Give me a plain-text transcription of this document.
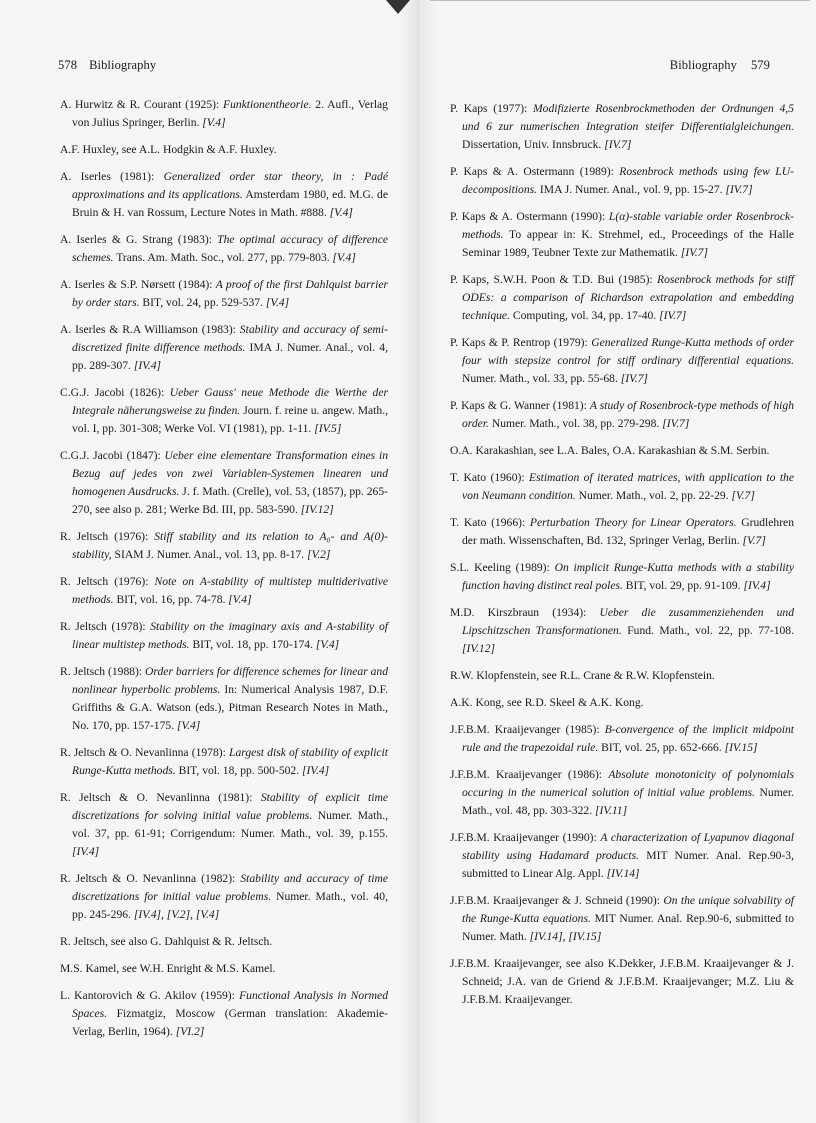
578 Bibliography

A. Hurwitz & R. Courant (1925): Funktionentheorie. 2. Aufl., Verlag von Julius Springer, Berlin. [V.4]

A.F. Huxley, see A.L. Hodgkin & A.F. Huxley.

A. Iserles (1981): Generalized order star theory, in : Padé approximations and its applications. Amsterdam 1980, ed. M.G. de Bruin & H. van Rossum, Lecture Notes in Math. #888. [V.4]

A. Iserles & G. Strang (1983): The optimal accuracy of difference schemes. Trans. Am. Math. Soc., vol. 277, pp. 779-803. [V.4]

A. Iserles & S.P. Nørsett (1984): A proof of the first Dahlquist barrier by order stars. BIT, vol. 24, pp. 529-537. [V.4]

A. Iserles & R.A Williamson (1983): Stability and accuracy of semi-discretized finite difference methods. IMA J. Numer. Anal., vol. 4, pp. 289-307. [IV.4]

C.G.J. Jacobi (1826): Ueber Gauss' neue Methode die Werthe der Integrale näherungsweise zu finden. Journ. f. reine u. angew. Math., vol. I, pp. 301-308; Werke Vol. VI (1981), pp. 1-11. [IV.5]

C.G.J. Jacobi (1847): Ueber eine elementare Transformation eines in Bezug auf jedes von zwei Variablen-Systemen linearen und homogenen Ausdrucks. J. f. Math. (Crelle), vol. 53, (1857), pp. 265-270, see also p. 281; Werke Bd. III, pp. 583-590. [IV.12]

R. Jeltsch (1976): Stiff stability and its relation to A₀- and A(0)-stability, SIAM J. Numer. Anal., vol. 13, pp. 8-17. [V.2]

R. Jeltsch (1976): Note on A-stability of multistep multiderivative methods. BIT, vol. 16, pp. 74-78. [V.4]

R. Jeltsch (1978): Stability on the imaginary axis and A-stability of linear multistep methods. BIT, vol. 18, pp. 170-174. [V.4]

R. Jeltsch (1988): Order barriers for difference schemes for linear and nonlinear hyperbolic problems. In: Numerical Analysis 1987, D.F. Griffiths & G.A. Watson (eds.), Pitman Research Notes in Math., No. 170, pp. 157-175. [V.4]

R. Jeltsch & O. Nevanlinna (1978): Largest disk of stability of explicit Runge-Kutta methods. BIT, vol. 18, pp. 500-502. [IV.4]

R. Jeltsch & O. Nevanlinna (1981): Stability of explicit time discretizations for solving initial value problems. Numer. Math., vol. 37, pp. 61-91; Corrigendum: Numer. Math., vol. 39, p.155. [IV.4]

R. Jeltsch & O. Nevanlinna (1982): Stability and accuracy of time discretizations for initial value problems. Numer. Math., vol. 40, pp. 245-296. [IV.4], [V.2], [V.4]

R. Jeltsch, see also G. Dahlquist & R. Jeltsch.

M.S. Kamel, see W.H. Enright & M.S. Kamel.

L. Kantorovich & G. Akilov (1959): Functional Analysis in Normed Spaces. Fizmatgiz, Moscow (German translation: Akademie-Verlag, Berlin, 1964). [VI.2]

Bibliography 579

P. Kaps (1977): Modifizierte Rosenbrockmethoden der Ordnungen 4,5 und 6 zur numerischen Integration steifer Differentialgleichungen. Dissertation, Univ. Innsbruck. [IV.7]

P. Kaps & A. Ostermann (1989): Rosenbrock methods using few LU-decompositions. IMA J. Numer. Anal., vol. 9, pp. 15-27. [IV.7]

P. Kaps & A. Ostermann (1990): L(α)-stable variable order Rosenbrock-methods. To appear in: K. Strehmel, ed., Proceedings of the Halle Seminar 1989, Teubner Texte zur Mathematik. [IV.7]

P. Kaps, S.W.H. Poon & T.D. Bui (1985): Rosenbrock methods for stiff ODEs: a comparison of Richardson extrapolation and embedding technique. Computing, vol. 34, pp. 17-40. [IV.7]

P. Kaps & P. Rentrop (1979): Generalized Runge-Kutta methods of order four with stepsize control for stiff ordinary differential equations. Numer. Math., vol. 33, pp. 55-68. [IV.7]

P. Kaps & G. Wanner (1981): A study of Rosenbrock-type methods of high order. Numer. Math., vol. 38, pp. 279-298. [IV.7]

O.A. Karakashian, see L.A. Bales, O.A. Karakashian & S.M. Serbin.

T. Kato (1960): Estimation of iterated matrices, with application to the von Neumann condition. Numer. Math., vol. 2, pp. 22-29. [V.7]

T. Kato (1966): Perturbation Theory for Linear Operators. Grudlehren der math. Wissenschaften, Bd. 132, Springer Verlag, Berlin. [V.7]

S.L. Keeling (1989): On implicit Runge-Kutta methods with a stability function having distinct real poles. BIT, vol. 29, pp. 91-109. [IV.4]

M.D. Kirszbraun (1934): Ueber die zusammenziehenden und Lipschitzschen Transformationen. Fund. Math., vol. 22, pp. 77-108. [IV.12]

R.W. Klopfenstein, see R.L. Crane & R.W. Klopfenstein.

A.K. Kong, see R.D. Skeel & A.K. Kong.

J.F.B.M. Kraaijevanger (1985): B-convergence of the implicit midpoint rule and the trapezoidal rule. BIT, vol. 25, pp. 652-666. [IV.15]

J.F.B.M. Kraaijevanger (1986): Absolute monotonicity of polynomials occuring in the numerical solution of initial value problems. Numer. Math., vol. 48, pp. 303-322. [IV.11]

J.F.B.M. Kraaijevanger (1990): A characterization of Lyapunov diagonal stability using Hadamard products. MIT Numer. Anal. Rep.90-3, submitted to Linear Alg. Appl. [IV.14]

J.F.B.M. Kraaijevanger & J. Schneid (1990): On the unique solvability of the Runge-Kutta equations. MIT Numer. Anal. Rep.90-6, submitted to Numer. Math. [IV.14], [IV.15]

J.F.B.M. Kraaijevanger, see also K.Dekker, J.F.B.M. Kraaijevanger & J. Schneid; J.A. van de Griend & J.F.B.M. Kraaijevanger; M.Z. Liu & J.F.B.M. Kraaijevanger.
